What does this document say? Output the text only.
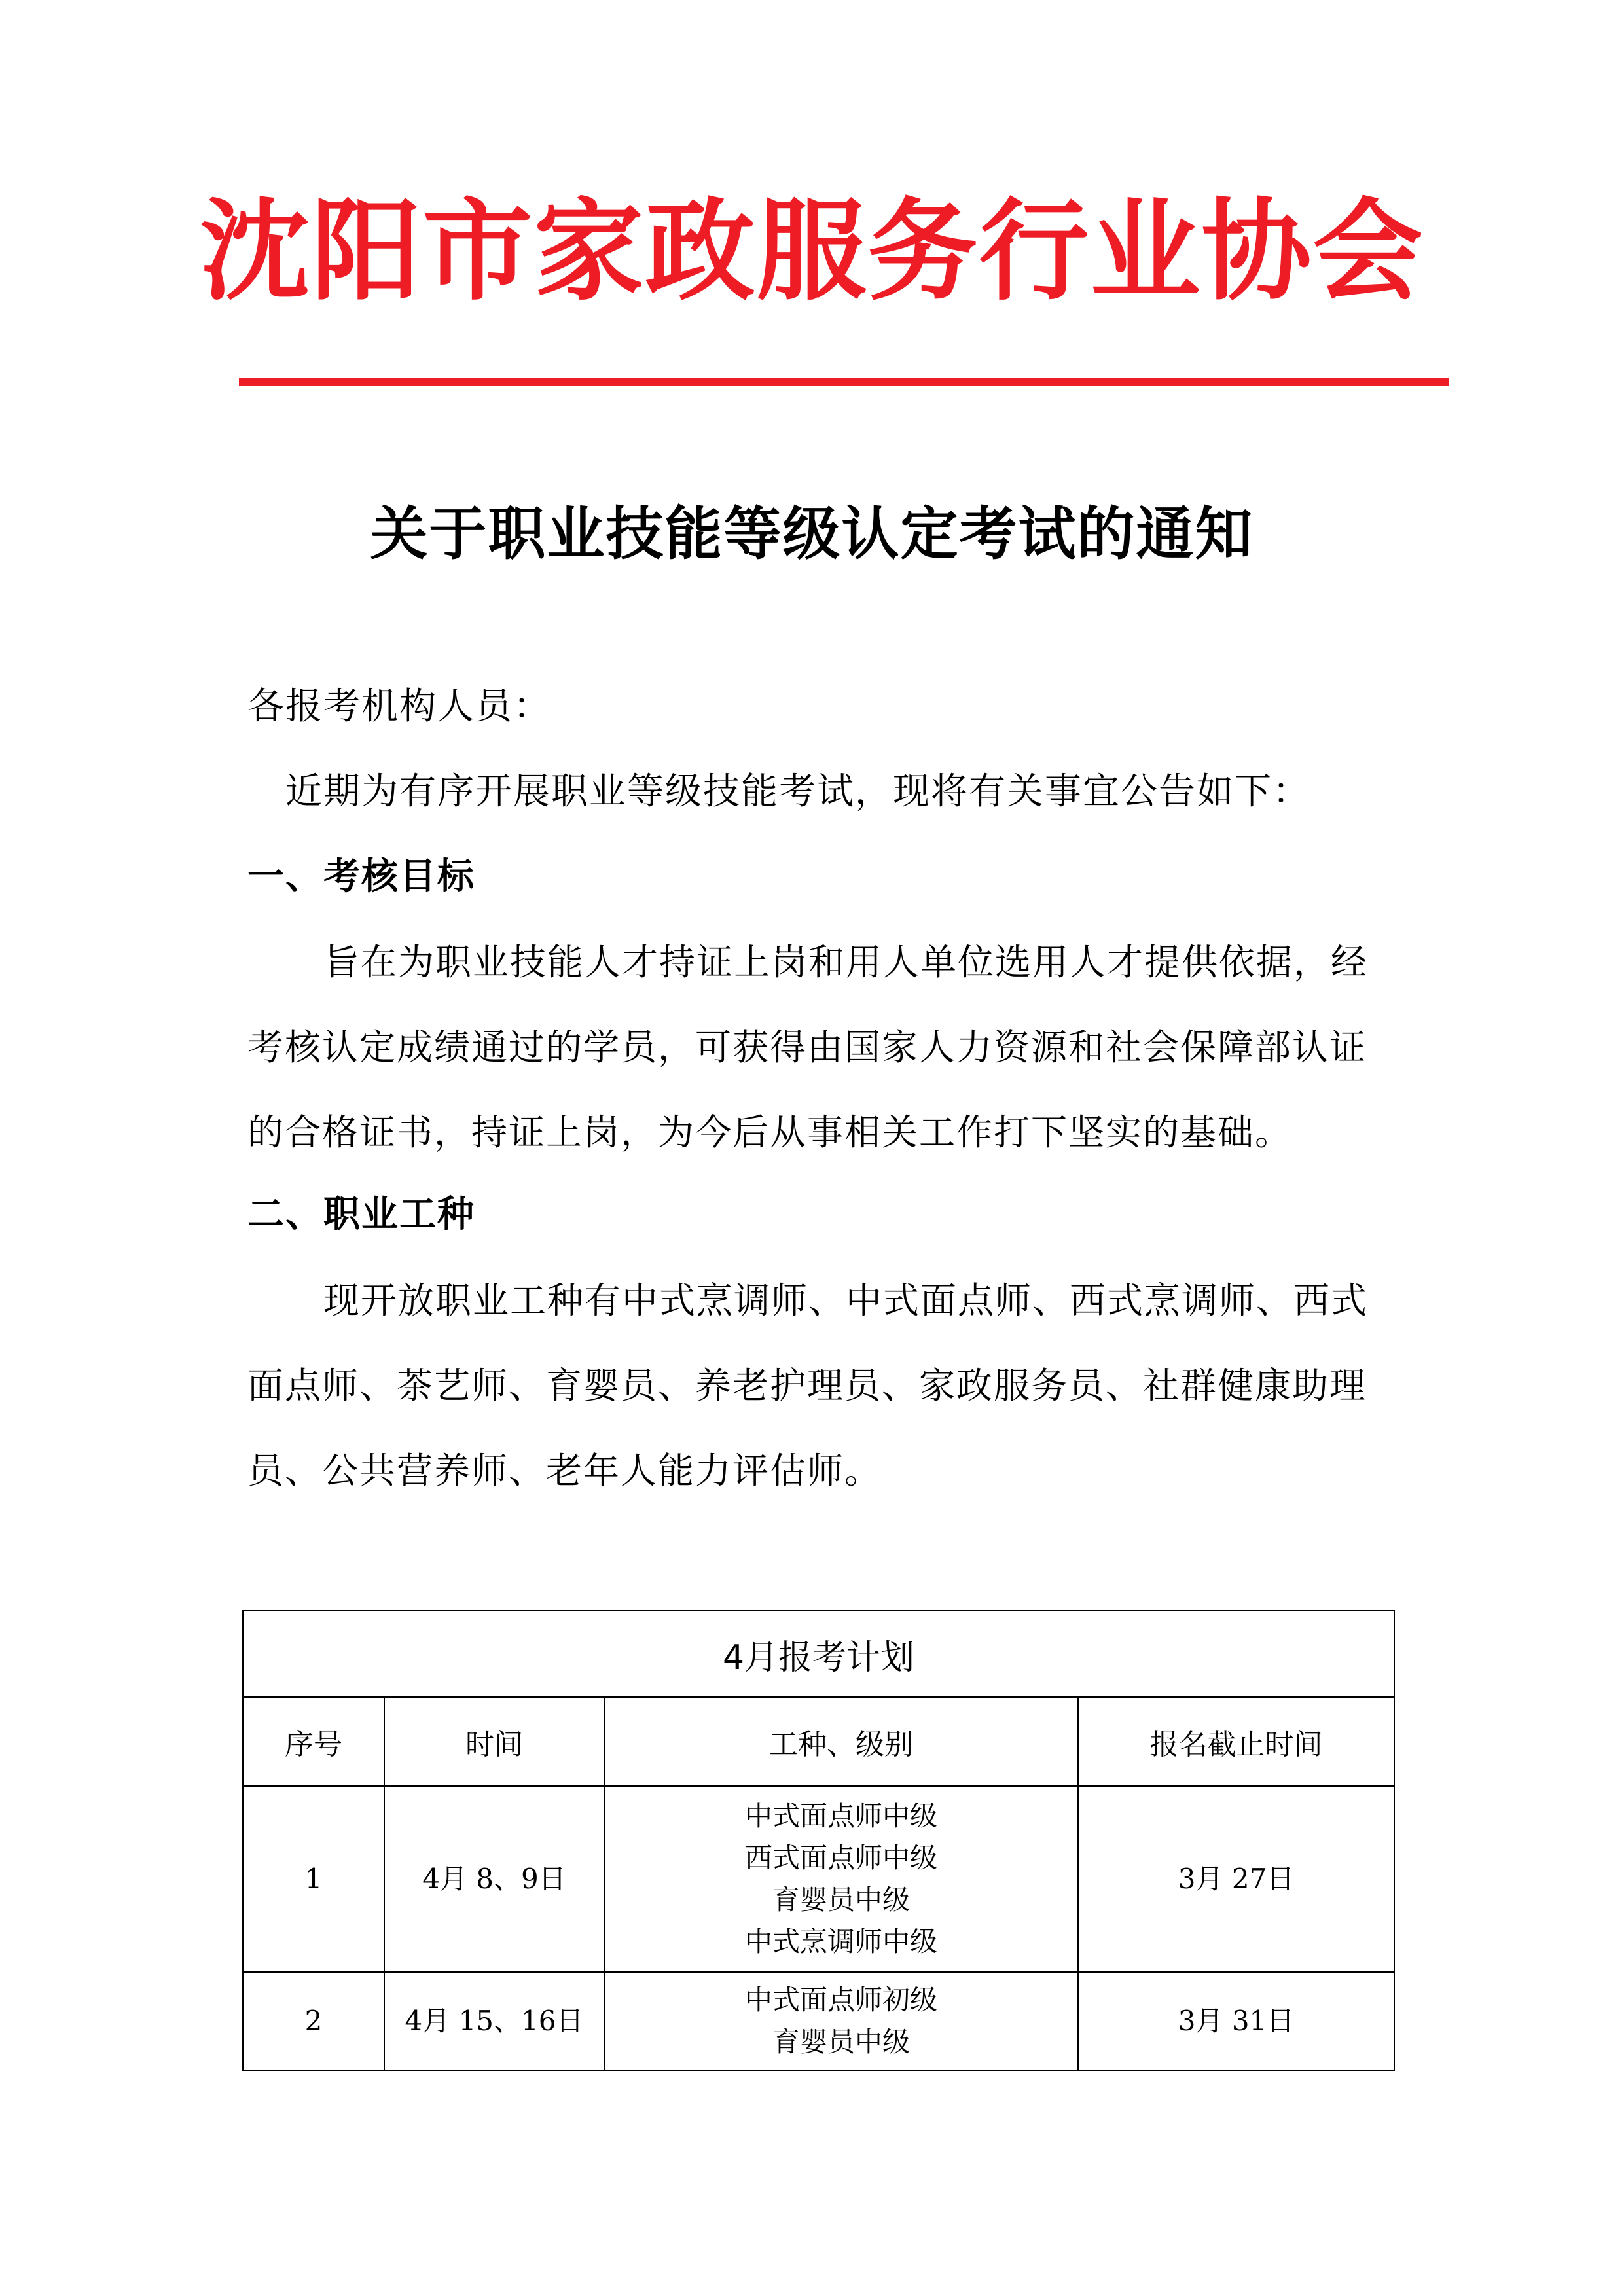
沈阳市家政服务行业协会
关于职业技能等级认定考试的通知
各报考机构人员：
近期为有序开展职业等级技能考试，现将有关事宜公告如下：
一、考核目标
旨在为职业技能人才持证上岗和用人单位选用人才提供依据，经考核认定成绩通过的学员，可获得由国家人力资源和社会保障部认证的合格证书，持证上岗，为今后从事相关工作打下坚实的基础。
二、职业工种
现开放职业工种有中式烹调师、中式面点师、西式烹调师、西式面点师、茶艺师、育婴员、养老护理员、家政服务员、社群健康助理员、公共营养师、老年人能力评估师。
4月报考计划			
序号	时间	工种、级别	报名截止时间
1	4月 8、9日	中式面点师中级
西式面点师中级
育婴员中级
中式烹调师中级	3月 27日
2	4月 15、16日	中式面点师初级
育婴员中级	3月 31日
